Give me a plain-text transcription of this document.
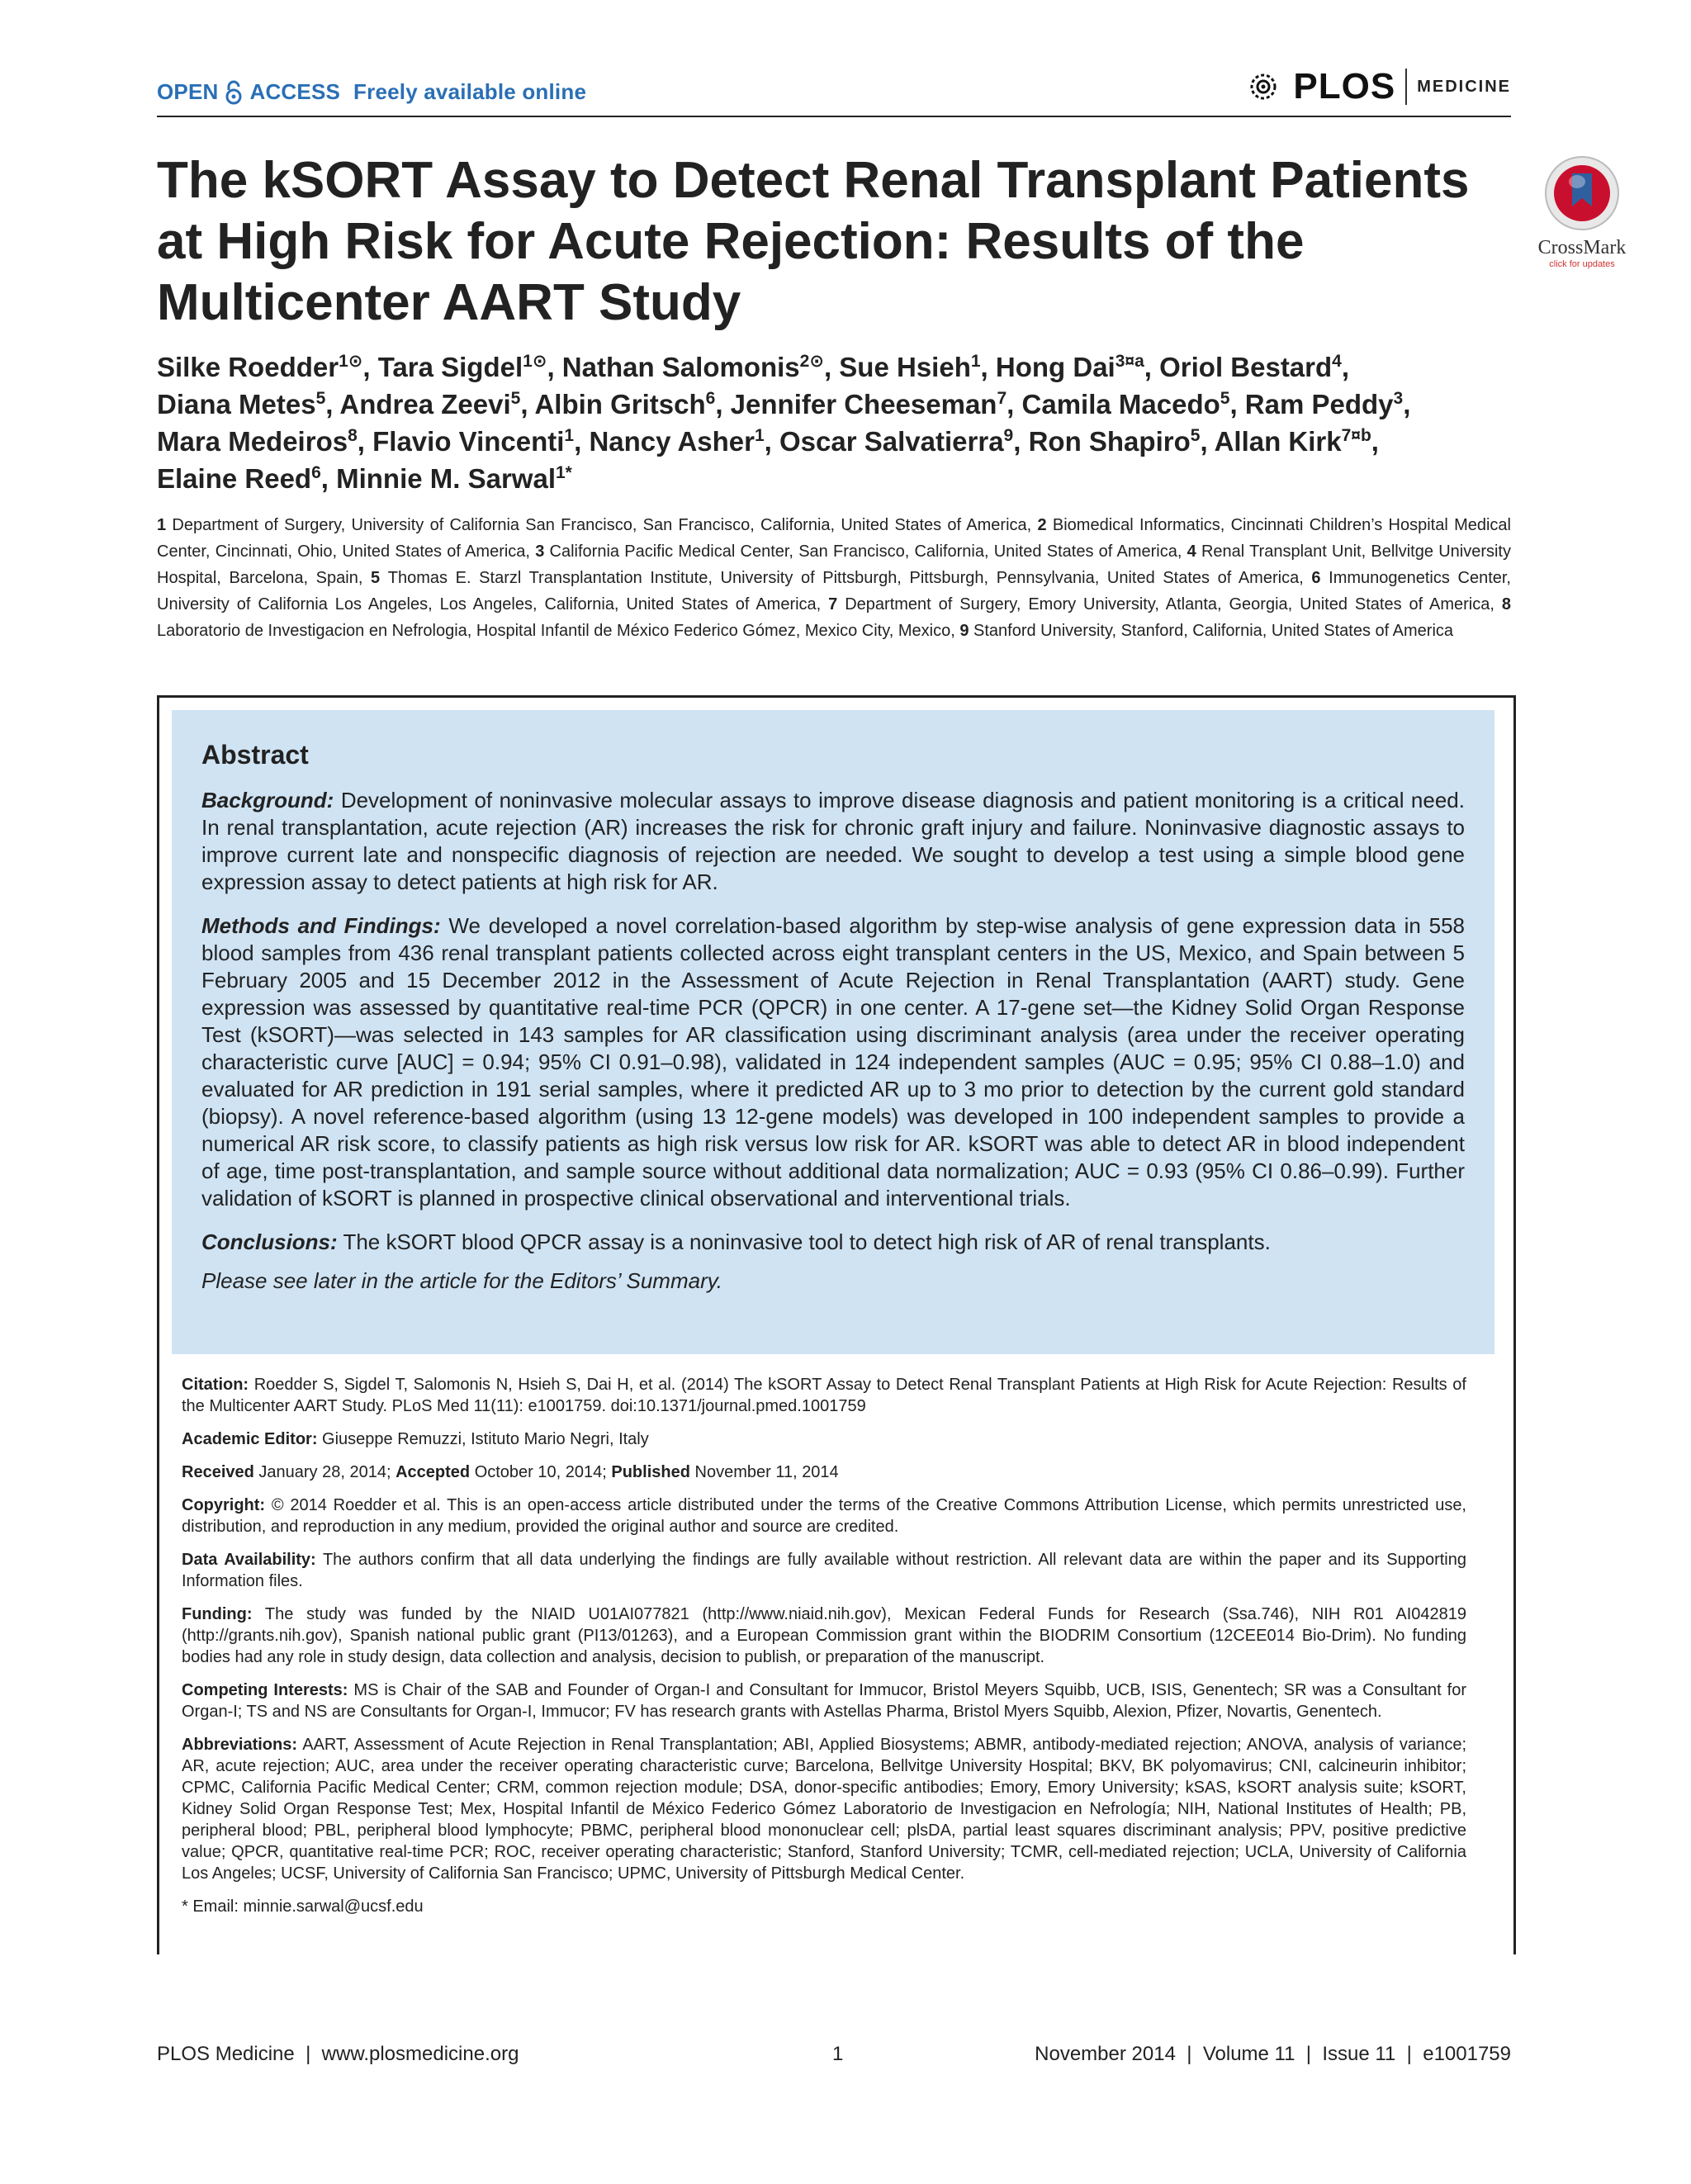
OPEN ACCESS Freely available online	PLOS MEDICINE
The kSORT Assay to Detect Renal Transplant Patients at High Risk for Acute Rejection: Results of the Multicenter AART Study
CrossMark
click for updates
Silke Roedder$^{1⊙}$, Tara Sigdel$^{1⊙}$, Nathan Salomonis$^{2⊙}$, Sue Hsieh$^1$, Hong Dai$^{3¤a}$, Oriol Bestard$^4$,
Diana Metes$^5$, Andrea Zeevi$^5$, Albin Gritsch$^6$, Jennifer Cheeseman$^7$, Camila Macedo$^5$, Ram Peddy$^3$,
Mara Medeiros$^8$, Flavio Vincenti$^1$, Nancy Asher$^1$, Oscar Salvatierra$^9$, Ron Shapiro$^5$, Allan Kirk$^{7¤b}$,
Elaine Reed$^6$, Minnie M. Sarwal$^{1*}$
1 Department of Surgery, University of California San Francisco, San Francisco, California, United States of America, 2 Biomedical Informatics, Cincinnati Children’s Hospital Medical Center, Cincinnati, Ohio, United States of America, 3 California Pacific Medical Center, San Francisco, California, United States of America, 4 Renal Transplant Unit, Bellvitge University Hospital, Barcelona, Spain, 5 Thomas E. Starzl Transplantation Institute, University of Pittsburgh, Pittsburgh, Pennsylvania, United States of America, 6 Immunogenetics Center, University of California Los Angeles, Los Angeles, California, United States of America, 7 Department of Surgery, Emory University, Atlanta, Georgia, United States of America, 8 Laboratorio de Investigacion en Nefrologia, Hospital Infantil de México Federico Gómez, Mexico City, Mexico, 9 Stanford University, Stanford, California, United States of America
Abstract

Background: Development of noninvasive molecular assays to improve disease diagnosis and patient monitoring is a critical need. In renal transplantation, acute rejection (AR) increases the risk for chronic graft injury and failure. Noninvasive diagnostic assays to improve current late and nonspecific diagnosis of rejection are needed. We sought to develop a test using a simple blood gene expression assay to detect patients at high risk for AR.

Methods and Findings: We developed a novel correlation-based algorithm by step-wise analysis of gene expression data in 558 blood samples from 436 renal transplant patients collected across eight transplant centers in the US, Mexico, and Spain between 5 February 2005 and 15 December 2012 in the Assessment of Acute Rejection in Renal Transplantation (AART) study. Gene expression was assessed by quantitative real-time PCR (QPCR) in one center. A 17-gene set—the Kidney Solid Organ Response Test (kSORT)—was selected in 143 samples for AR classification using discriminant analysis (area under the receiver operating characteristic curve [AUC] = 0.94; 95% CI 0.91–0.98), validated in 124 independent samples (AUC = 0.95; 95% CI 0.88–1.0) and evaluated for AR prediction in 191 serial samples, where it predicted AR up to 3 mo prior to detection by the current gold standard (biopsy). A novel reference-based algorithm (using 13 12-gene models) was developed in 100 independent samples to provide a numerical AR risk score, to classify patients as high risk versus low risk for AR. kSORT was able to detect AR in blood independent of age, time post-transplantation, and sample source without additional data normalization; AUC = 0.93 (95% CI 0.86–0.99). Further validation of kSORT is planned in prospective clinical observational and interventional trials.

Conclusions: The kSORT blood QPCR assay is a noninvasive tool to detect high risk of AR of renal transplants.

Please see later in the article for the Editors’ Summary.

Citation: Roedder S, Sigdel T, Salomonis N, Hsieh S, Dai H, et al. (2014) The kSORT Assay to Detect Renal Transplant Patients at High Risk for Acute Rejection: Results of the Multicenter AART Study. PLoS Med 11(11): e1001759. doi:10.1371/journal.pmed.1001759

Academic Editor: Giuseppe Remuzzi, Istituto Mario Negri, Italy

Received January 28, 2014; Accepted October 10, 2014; Published November 11, 2014

Copyright: © 2014 Roedder et al. This is an open-access article distributed under the terms of the Creative Commons Attribution License, which permits unrestricted use, distribution, and reproduction in any medium, provided the original author and source are credited.

Data Availability: The authors confirm that all data underlying the findings are fully available without restriction. All relevant data are within the paper and its Supporting Information files.

Funding: The study was funded by the NIAID U01AI077821 (http://www.niaid.nih.gov), Mexican Federal Funds for Research (Ssa.746), NIH R01 AI042819 (http://grants.nih.gov), Spanish national public grant (PI13/01263), and a European Commission grant within the BIODRIM Consortium (12CEE014 Bio-Drim). No funding bodies had any role in study design, data collection and analysis, decision to publish, or preparation of the manuscript.

Competing Interests: MS is Chair of the SAB and Founder of Organ-I and Consultant for Immucor, Bristol Meyers Squibb, UCB, ISIS, Genentech; SR was a Consultant for Organ-I; TS and NS are Consultants for Organ-I, Immucor; FV has research grants with Astellas Pharma, Bristol Myers Squibb, Alexion, Pfizer, Novartis, Genentech.

Abbreviations: AART, Assessment of Acute Rejection in Renal Transplantation; ABI, Applied Biosystems; ABMR, antibody-mediated rejection; ANOVA, analysis of variance; AR, acute rejection; AUC, area under the receiver operating characteristic curve; Barcelona, Bellvitge University Hospital; BKV, BK polyomavirus; CNI, calcineurin inhibitor; CPMC, California Pacific Medical Center; CRM, common rejection module; DSA, donor-specific antibodies; Emory, Emory University; kSAS, kSORT analysis suite; kSORT, Kidney Solid Organ Response Test; Mex, Hospital Infantil de México Federico Gómez Laboratorio de Investigacion en Nefrología; NIH, National Institutes of Health; PB, peripheral blood; PBL, peripheral blood lymphocyte; PBMC, peripheral blood mononuclear cell; plsDA, partial least squares discriminant analysis; PPV, positive predictive value; QPCR, quantitative real-time PCR; ROC, receiver operating characteristic; Stanford, Stanford University; TCMR, cell-mediated rejection; UCLA, University of California Los Angeles; UCSF, University of California San Francisco; UPMC, University of Pittsburgh Medical Center.

* Email: minnie.sarwal@ucsf.edu

PLOS Medicine  |  www.plosmedicine.org	1	November 2014  |  Volume 11  |  Issue 11  |  e1001759
